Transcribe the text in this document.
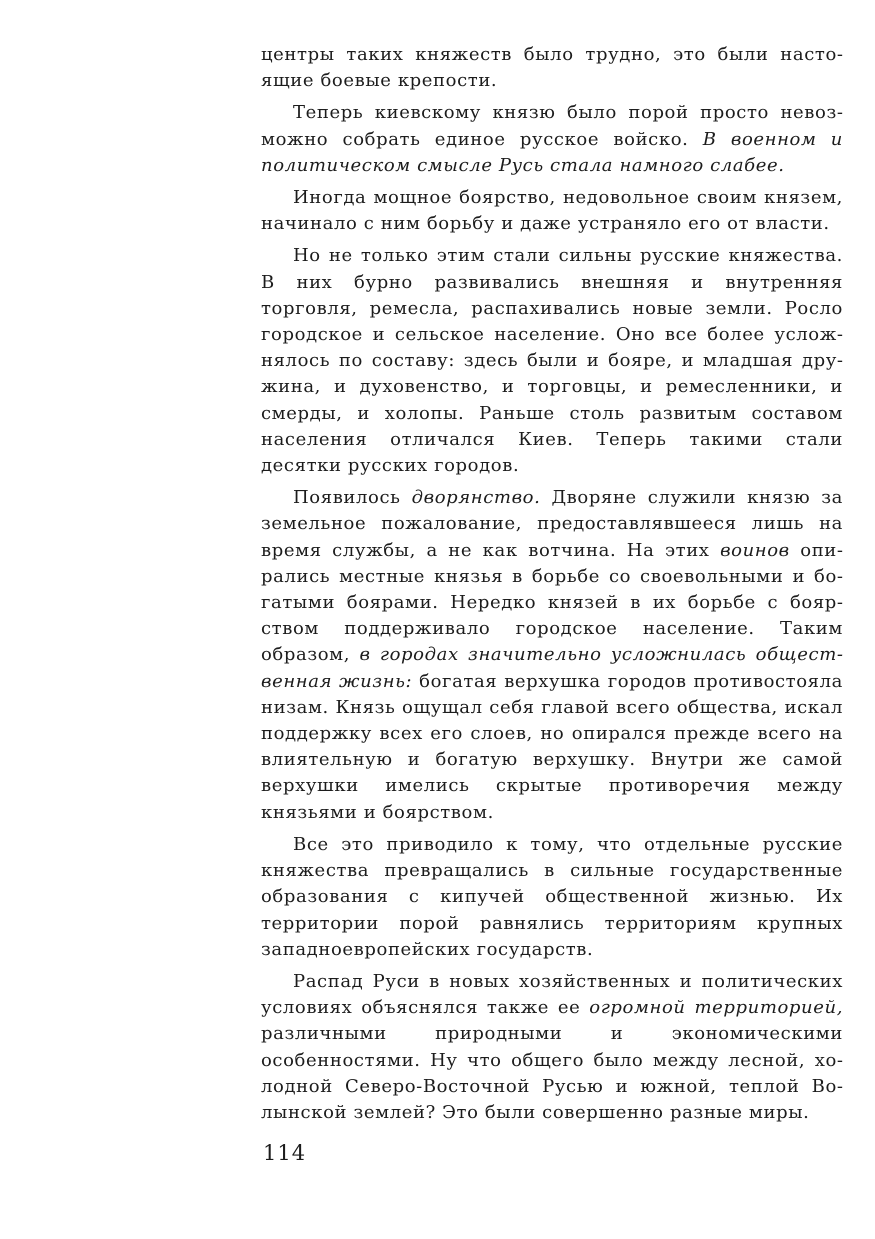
центры таких княжеств было трудно, это были настоящие боевые крепости.

Теперь киевскому князю было порой просто невозможно собрать единое русское войско. В военном и политическом смысле Русь стала намного слабее.

Иногда мощное боярство, недовольное своим князем, начинало с ним борьбу и даже устраняло его от власти.

Но не только этим стали сильны русские княжества. В них бурно развивались внешняя и внутренняя торговля, ремесла, распахивались новые земли. Росло городское и сельское население. Оно все более усложнялось по составу: здесь были и бояре, и младшая дружина, и духовенство, и торговцы, и ремесленники, и смерды, и холопы. Раньше столь развитым составом населения отличался Киев. Теперь такими стали десятки русских городов.

Появилось дворянство. Дворяне служили князю за земельное пожалование, предоставлявшееся лишь на время службы, а не как вотчина. На этих воинов опирались местные князья в борьбе со своевольными и богатыми боярами. Нередко князей в их борьбе с боярством поддерживало городское население. Таким образом, в городах значительно усложнилась общественная жизнь: богатая верхушка городов противостояла низам. Князь ощущал себя главой всего общества, искал поддержку всех его слоев, но опирался прежде всего на влиятельную и богатую верхушку. Внутри же самой верхушки имелись скрытые противоречия между князьями и боярством.

Все это приводило к тому, что отдельные русские княжества превращались в сильные государственные образования с кипучей общественной жизнью. Их территории порой равнялись территориям крупных западноевропейских государств.

Распад Руси в новых хозяйственных и политических условиях объяснялся также ее огромной территорией, различными природными и экономическими особенностями. Ну что общего было между лесной, холодной Северо-Восточной Русью и южной, теплой Волынской землей? Это были совершенно разные миры.

114
